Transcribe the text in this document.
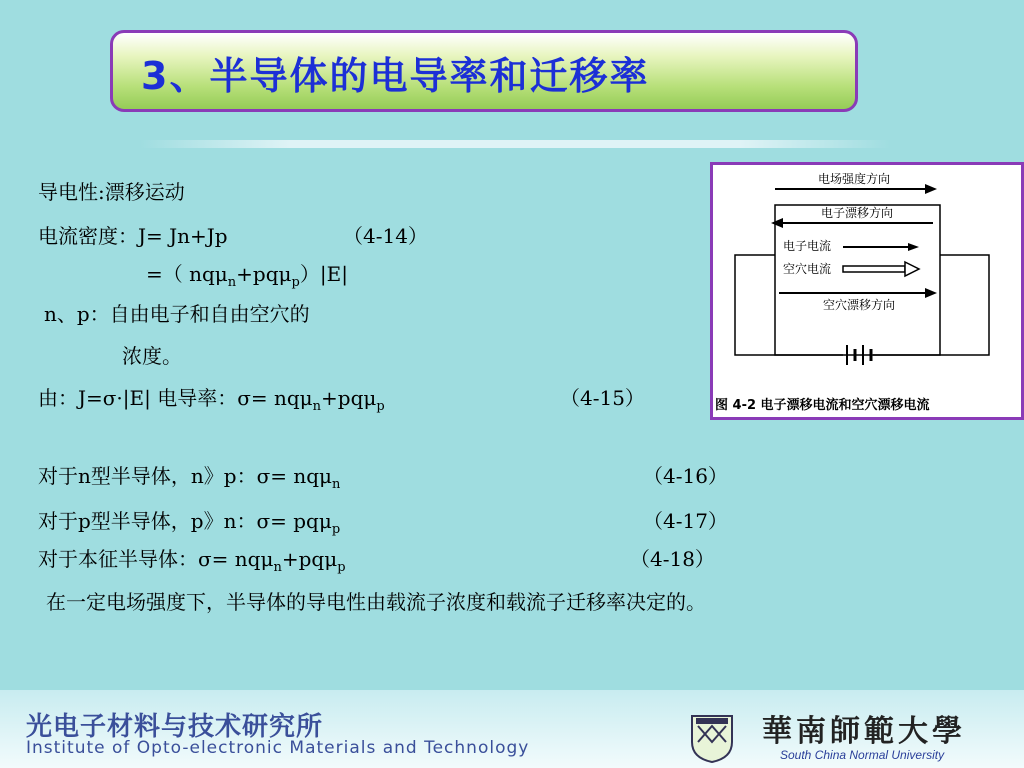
3、半导体的电导率和迁移率
导电性:漂移运动
电流密度：J= Jn+Jp	（4-14）
=（ nqμ$_n$+pqμ$_p$）|E|
n、p：自由电子和自由空穴的
浓度。
由：J=σ·|E| 电导率：σ= nqμ$_n$+pqμ$_p$	（4-15）
对于n型半导体，n》p：σ= nqμ$_n$	（4-16）
对于p型半导体，p》n：σ= pqμ$_p$	（4-17）
对于本征半导体：σ= nqμ$_n$+pqμ$_p$	（4-18）
在一定电场强度下，半导体的导电性由载流子浓度和载流子迁移率决定的。
电场强度方向
电子漂移方向
电子电流
空穴电流
空穴漂移方向
图 4-2 电子漂移电流和空穴漂移电流
光电子材料与技术研究所
Institute of Opto-electronic Materials and Technology	華南師範大學
South China Normal University
